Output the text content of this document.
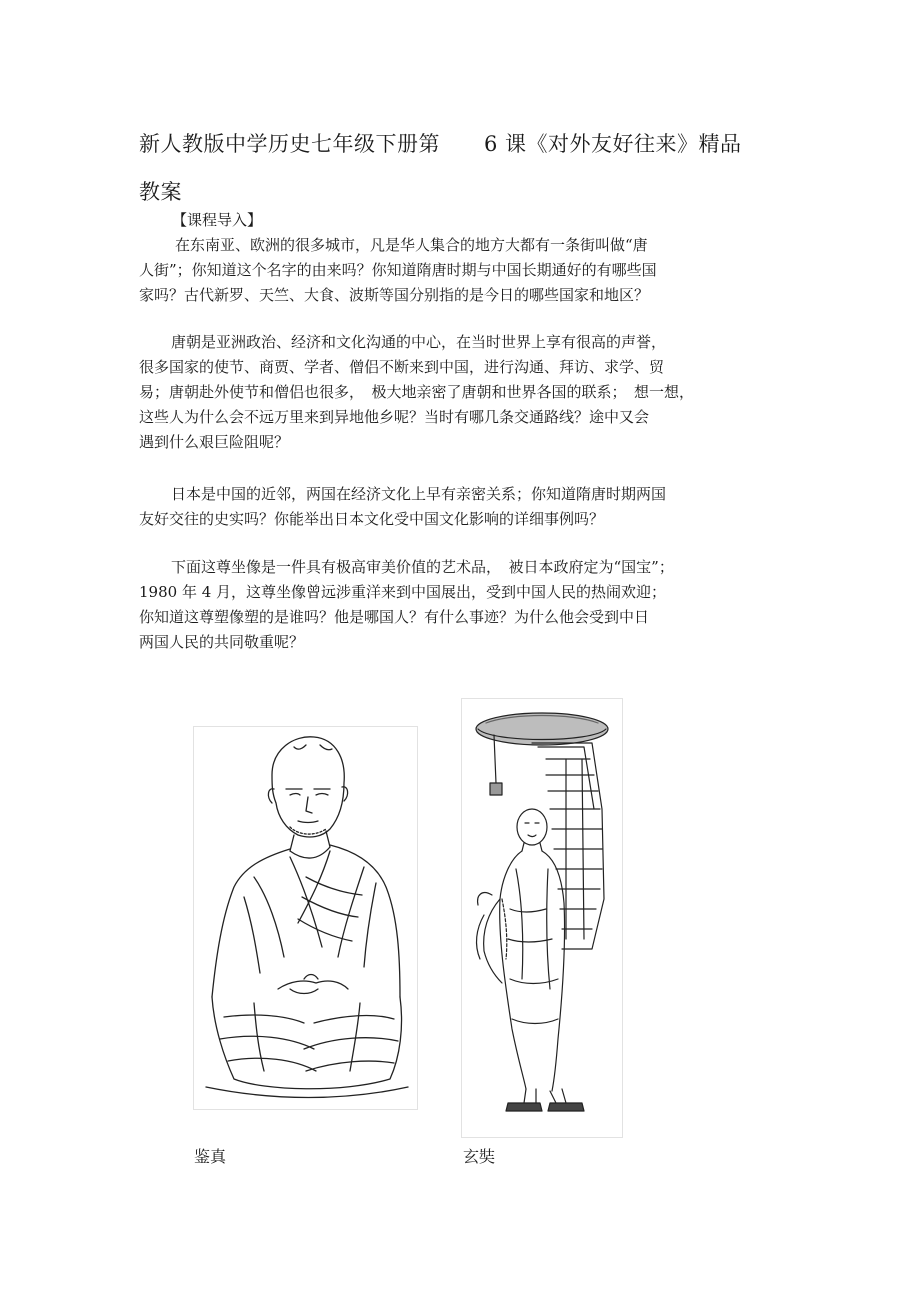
新人教版中学历史七年级下册第 6 课《对外友好往来》精品
教案
【课程导入】
在东南亚、欧洲的很多城市，凡是华人集合的地方大都有一条街叫做“唐
人街”；你知道这个名字的由来吗？你知道隋唐时期与中国长期通好的有哪些国
家吗？古代新罗、天竺、大食、波斯等国分别指的是今日的哪些国家和地区？
唐朝是亚洲政治、经济和文化沟通的中心，在当时世界上享有很高的声誉，
很多国家的使节、商贾、学者、僧侣不断来到中国，进行沟通、拜访、求学、贸
易；唐朝赴外使节和僧侣也很多，　极大地亲密了唐朝和世界各国的联系；　想一想，
这些人为什么会不远万里来到异地他乡呢？当时有哪几条交通路线？途中又会
遇到什么艰巨险阻呢？
日本是中国的近邻，两国在经济文化上早有亲密关系；你知道隋唐时期两国
友好交往的史实吗？你能举出日本文化受中国文化影响的详细事例吗？
下面这尊坐像是一件具有极高审美价值的艺术品，　被日本政府定为“国宝”；
1980 年 4 月，这尊坐像曾远涉重洋来到中国展出，受到中国人民的热闹欢迎；
你知道这尊塑像塑的是谁吗？他是哪国人？有什么事迹？为什么他会受到中日
两国人民的共同敬重呢？
鉴真	玄奘
